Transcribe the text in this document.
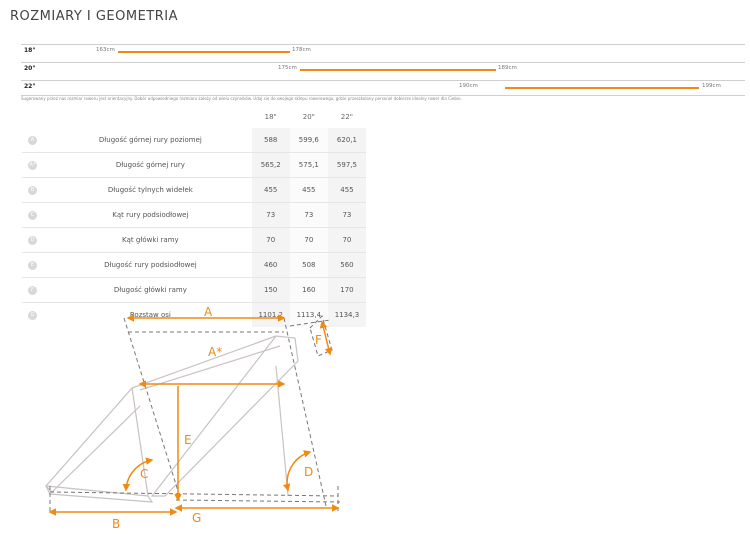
ROZMIARY I GEOMETRIA
18"	163cm	178cm
20"	175cm	189cm
22"	190cm	199cm
Sugerowany przez nas rozmiar roweru jest orientacyjny. Dobór odpowiedniego rozmiaru zależy od wielu czynników. Udaj się do swojego sklepu rowerowego, gdzie przeszkolony personel dobierze idealny rower dla Ciebie.
		18"	20"	22"
A	Długość górnej rury poziomej	588	599,6	620,1
A*	Długość górnej rury	565,2	575,1	597,5
B	Długość tylnych widełek	455	455	455
C	Kąt rury podsiodłowej	73	73	73
D	Kąt główki ramy	70	70	70
E	Długość rury podsiodłowej	460	508	560
F	Długość główki ramy	150	160	170
G	Rozstaw osi	1101,2	1113,4	1134,3
A
A*
E
C	D
F
B	G
